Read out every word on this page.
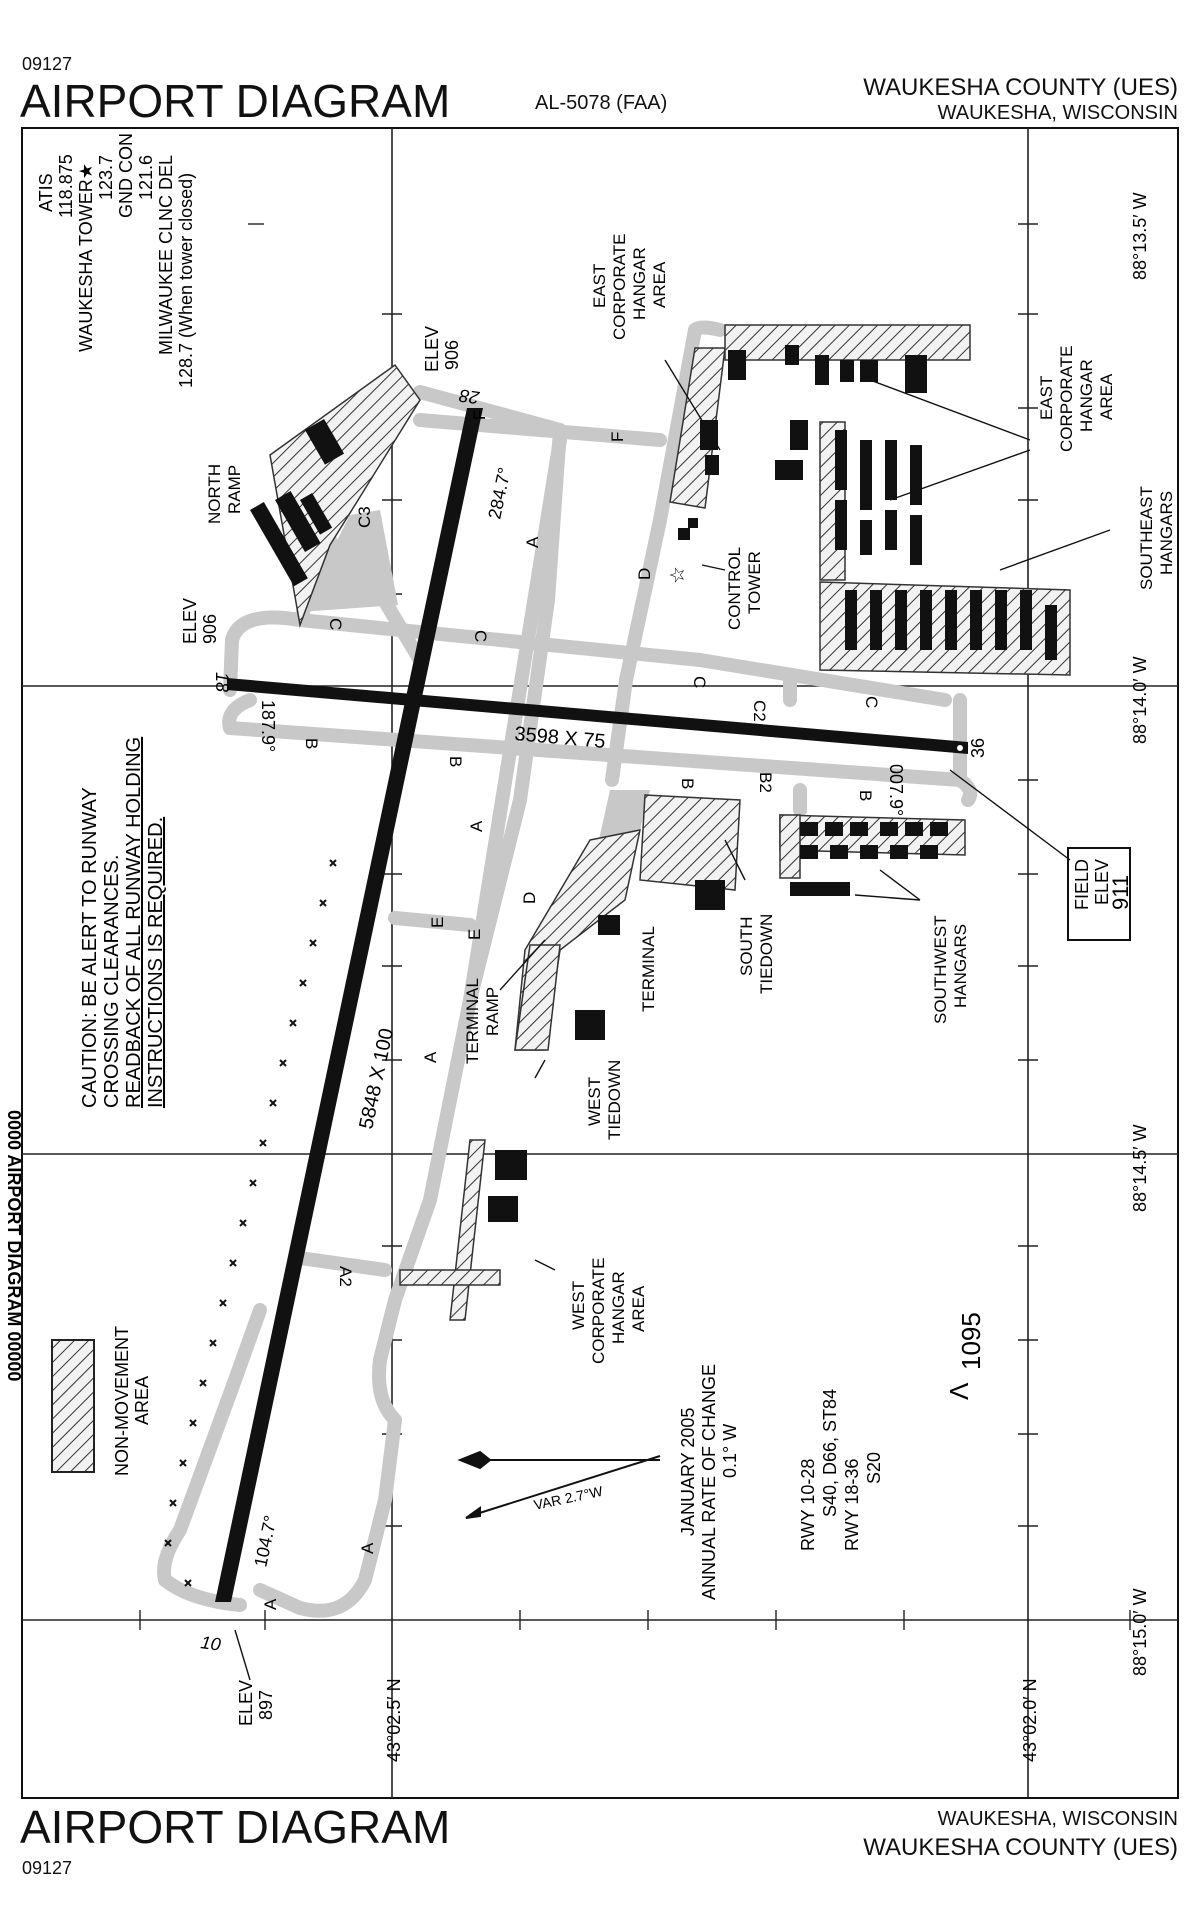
09127
AIRPORT DIAGRAM	AL-5078 (FAA)
WAUKESHA COUNTY (UES)
WAUKESHA, WISCONSIN
AIRPORT DIAGRAM
09127
WAUKESHA, WISCONSIN
WAUKESHA COUNTY (UES)
ATIS 118.875 WAUKESHA TOWER★ 123.7 GND CON 121.6 MILWAUKEE CLNC DEL 128.7 (When tower closed)
CAUTION: BE ALERT TO RUNWAY CROSSING CLEARANCES. READBACK OF ALL RUNWAY HOLDING INSTRUCTIONS IS REQUIRED.
0000 AIRPORT DIAGRAM 00000
NON-MOVEMENT AREA
VAR 2.7°W	JANUARY 2005 ANNUAL RATE OF CHANGE 0.1° W
RWY 10-28 S40, D66, ST84 RWY 18-36 S20
Λ
1095
FIELD ELEV
911
10
104.7°
ELEV 897
28
284.7°
ELEV 906
18
187.9°
ELEV 906
36
007.9°
5848 X 100
3598 X 75
A
A
A
A
A
A2
B
B
B
B
B2
C
C
C
C
C2
C3
D
D
E
E
F
F
NORTH RAMP
EAST CORPORATE HANGAR AREA
EAST CORPORATE HANGAR AREA
☆ CONTROL TOWER	SOUTHEAST HANGARS
SOUTH TIEDOWN	SOUTHWEST HANGARS
TERMINAL
TERMINAL RAMP
WEST TIEDOWN
WEST CORPORATE HANGAR AREA
88°13.5′ W
88°14.0′ W
88°14.5′ W
88°15.0′ W
43°02.5′ N	43°02.0′ N
